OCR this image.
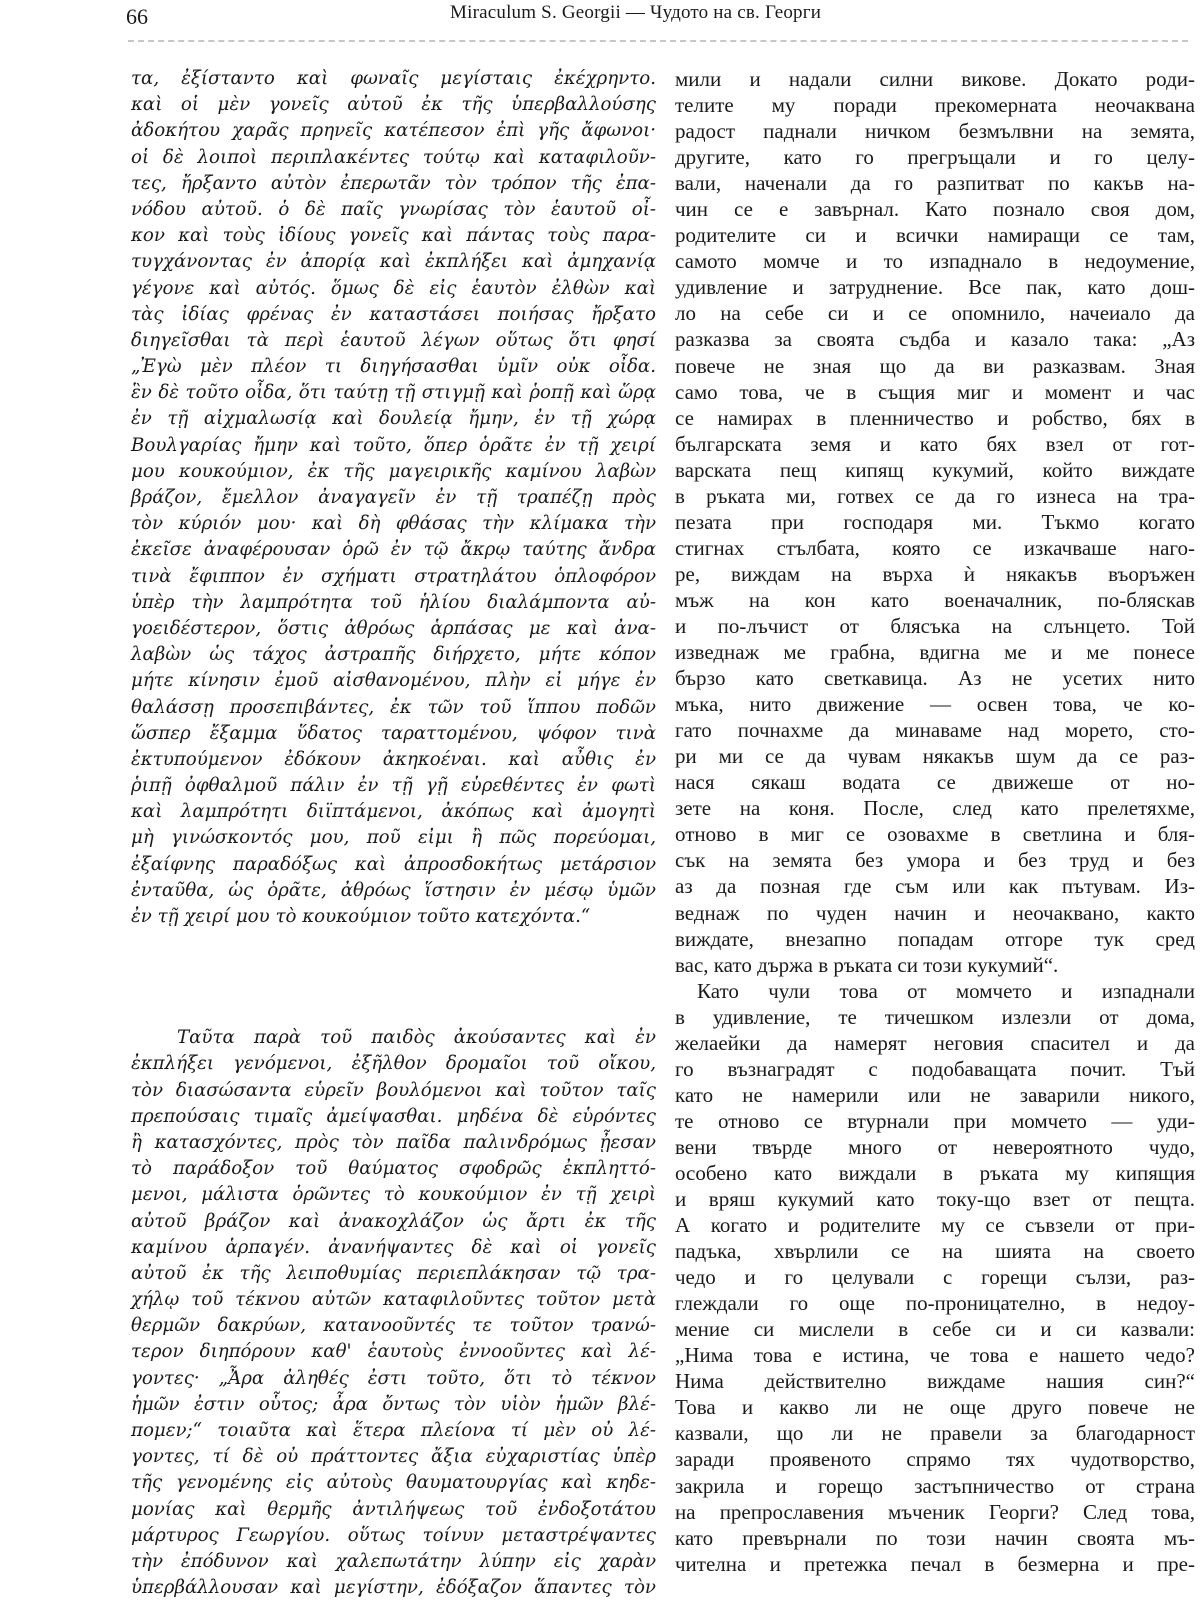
66	Miraculum S. Georgii — Чудото на св. Георги
τα, ἐξίσταντο καὶ φωναῖς μεγίσταις ἐκέχρηντο.
καὶ οἱ μὲν γονεῖς αὐτοῦ ἐκ τῆς ὑπερβαλλούσης
ἀδοκήτου χαρᾶς πρηνεῖς κατέπεσον ἐπὶ γῆς ἄφωνοι·
οἱ δὲ λοιποὶ περιπλακέντες τούτῳ καὶ καταφιλοῦν-
τες, ἤρξαντο αὐτὸν ἐπερωτᾶν τὸν τρόπον τῆς ἐπα-
νόδου αὐτοῦ. ὁ δὲ παῖς γνωρίσας τὸν ἑαυτοῦ οἶ-
κον καὶ τοὺς ἰδίους γονεῖς καὶ πάντας τοὺς παρα-
τυγχάνοντας ἐν ἀπορίᾳ καὶ ἐκπλήξει καὶ ἀμηχανίᾳ
γέγονε καὶ αὐτός. ὅμως δὲ εἰς ἑαυτὸν ἐλθὼν καὶ
τὰς ἰδίας φρένας ἐν καταστάσει ποιήσας ἤρξατο
διηγεῖσθαι τὰ περὶ ἑαυτοῦ λέγων οὕτως ὅτι φησί
„Ἐγὼ μὲν πλέον τι διηγήσασθαι ὑμῖν οὐκ οἶδα.
ἓν δὲ τοῦτο οἶδα, ὅτι ταύτῃ τῇ στιγμῇ καὶ ῥοπῇ καὶ ὥρᾳ
ἐν τῇ αἰχμαλωσίᾳ καὶ δουλείᾳ ἤμην, ἐν τῇ χώρᾳ
Βουλγαρίας ἤμην καὶ τοῦτο, ὅπερ ὁρᾶτε ἐν τῇ χειρί
μου κουκούμιον, ἐκ τῆς μαγειρικῆς καμίνου λαβὼν
βράζον, ἔμελλον ἀναγαγεῖν ἐν τῇ τραπέζῃ πρὸς
τὸν κύριόν μου· καὶ δὴ φθάσας τὴν κλίμακα τὴν
ἐκεῖσε ἀναφέρουσαν ὁρῶ ἐν τῷ ἄκρῳ ταύτης ἄνδρα
τινὰ ἔφιππον ἐν σχήματι στρατηλάτου ὁπλοφόρον
ὑπὲρ τὴν λαμπρότητα τοῦ ἡλίου διαλάμποντα αὐ-
γοειδέστερον, ὅστις ἀθρόως ἁρπάσας με καὶ ἀνα-
λαβὼν ὡς τάχος ἀστραπῆς διήρχετο, μήτε κόπον
μήτε κίνησιν ἐμοῦ αἰσθανομένου, πλὴν εἰ μήγε ἐν
θαλάσσῃ προσεπιβάντες, ἐκ τῶν τοῦ ἵππου ποδῶν
ὥσπερ ἔξαμμα ὕδατος ταραττομένου, ψόφον τινὰ
ἐκτυπούμενον ἐδόκουν ἀκηκοέναι. καὶ αὖθις ἐν
ῥιπῇ ὀφθαλμοῦ πάλιν ἐν τῇ γῇ εὑρεθέντες ἐν φωτὶ
καὶ λαμπρότητι διϊπτάμενοι, ἀκόπως καὶ ἀμογητὶ
μὴ γινώσκοντός μου, ποῦ εἰμι ἢ πῶς πορεύομαι,
ἐξαίφνης παραδόξως καὶ ἀπροσδοκήτως μετάρσιον
ἐνταῦθα, ὡς ὁρᾶτε, ἀθρόως ἵστησιν ἐν μέσῳ ὑμῶν
ἐν τῇ χειρί μου τὸ κουκούμιον τοῦτο κατεχόντα.“
Ταῦτα παρὰ τοῦ παιδὸς ἀκούσαντες καὶ ἐν
ἐκπλήξει γενόμενοι, ἐξῆλθον δρομαῖοι τοῦ οἴκου,
τὸν διασώσαντα εὑρεῖν βουλόμενοι καὶ τοῦτον ταῖς
πρεπούσαις τιμαῖς ἀμείψασθαι. μηδένα δὲ εὑρόντες
ἢ κατασχόντες, πρὸς τὸν παῖδα παλινδρόμως ᾖεσαν
τὸ παράδοξον τοῦ θαύματος σφοδρῶς ἐκπληττό-
μενοι, μάλιστα ὁρῶντες τὸ κουκούμιον ἐν τῇ χειρὶ
αὐτοῦ βράζον καὶ ἀνακοχλάζον ὡς ἄρτι ἐκ τῆς
καμίνου ἁρπαγέν. ἀνανήψαντες δὲ καὶ οἱ γονεῖς
αὐτοῦ ἐκ τῆς λειποθυμίας περιεπλάκησαν τῷ τρα-
χήλῳ τοῦ τέκνου αὐτῶν καταφιλοῦντες τοῦτον μετὰ
θερμῶν δακρύων, κατανοοῦντές τε τοῦτον τρανώ-
τερον διηπόρουν καθ' ἑαυτοὺς ἐννοοῦντες καὶ λέ-
γοντες· „Ἆρα ἀληθές ἐστι τοῦτο, ὅτι τὸ τέκνον
ἡμῶν ἐστιν οὗτος; ἆρα ὄντως τὸν υἱὸν ἡμῶν βλέ-
πομεν;“ τοιαῦτα καὶ ἕτερα πλείονα τί μὲν οὐ λέ-
γοντες, τί δὲ οὐ πράττοντες ἄξια εὐχαριστίας ὑπὲρ
τῆς γενομένης εἰς αὐτοὺς θαυματουργίας καὶ κηδε-
μονίας καὶ θερμῆς ἀντιλήψεως τοῦ ἐνδοξοτάτου
μάρτυρος Γεωργίου. οὕτως τοίνυν μεταστρέψαντες
τὴν ἐπόδυνον καὶ χαλεπωτάτην λύπην εἰς χαρὰν
ὑπερβάλλουσαν καὶ μεγίστην, ἐδόξαζον ἅπαντες τὸν
мили и надали силни викове. Докато роди-
телите му поради прекомерната неочаквана
радост паднали ничком безмълвни на земята,
другите, като го прегръщали и го целу-
вали, наченали да го разпитват по какъв на-
чин се е завърнал. Като познало своя дом,
родителите си и всички намиращи се там,
самото момче и то изпаднало в недоумение,
удивление и затруднение. Все пак, като дош-
ло на себе си и се опомнило, начеиало да
разказва за своята съдба и казало така: „Аз
повече не зная що да ви разказвам. Зная
само това, че в същия миг и момент и час
се намирах в пленничество и робство, бях в
българската земя и като бях взел от гот-
варската пещ кипящ кукумий, който виждате
в ръката ми, готвех се да го изнеса на тра-
пезата при господаря ми. Тъкмо когато
стигнах стълбата, която се изкачваше наго-
ре, виждам на върха ѝ някакъв въоръжен
мъж на кон като военачалник, по-бляскав
и по-лъчист от блясъка на слънцето. Той
изведнаж ме грабна, вдигна ме и ме понесе
бързо като светкавица. Аз не усетих нито
мъка, нито движение — освен това, че ко-
гато почнахме да минаваме над морето, сто-
ри ми се да чувам някакъв шум да се раз-
нася сякаш водата се движеше от но-
зете на коня. После, след като прелетяхме,
отново в миг се озовахме в светлина и бля-
сък на земята без умора и без труд и без
аз да позная где съм или как пътувам. Из-
веднаж по чуден начин и неочаквано, както
виждате, внезапно попадам отгоре тук сред
вас, като държа в ръката си този кукумий“.
Като чули това от момчето и изпаднали
в удивление, те тичешком излезли от дома,
желаейки да намерят неговия спасител и да
го възнаградят с подобаващата почит. Тъй
като не намерили или не заварили никого,
те отново се втурнали при момчето — уди-
вени твърде много от невероятното чудо,
особено като виждали в ръката му кипящия
и вряш кукумий като току-що взет от пещта.
А когато и родителите му се съвзели от при-
падъка, хвърлили се на шията на своето
чедо и го целували с горещи сълзи, раз-
глеждали го още по-проницателно, в недоу-
мение си мислели в себе си и си казвали:
„Нима това е истина, че това е нашето чедо?
Нима действително виждаме нашия син?“
Това и какво ли не още друго повече не
казвали, що ли не правели за благодарност
заради проявеното спрямо тях чудотворство,
закрила и горещо застъпничество от страна
на препрославения мъченик Георги? След това,
като превърнали по този начин своята мъ-
чителна и претежка печал в безмерна и пре-
